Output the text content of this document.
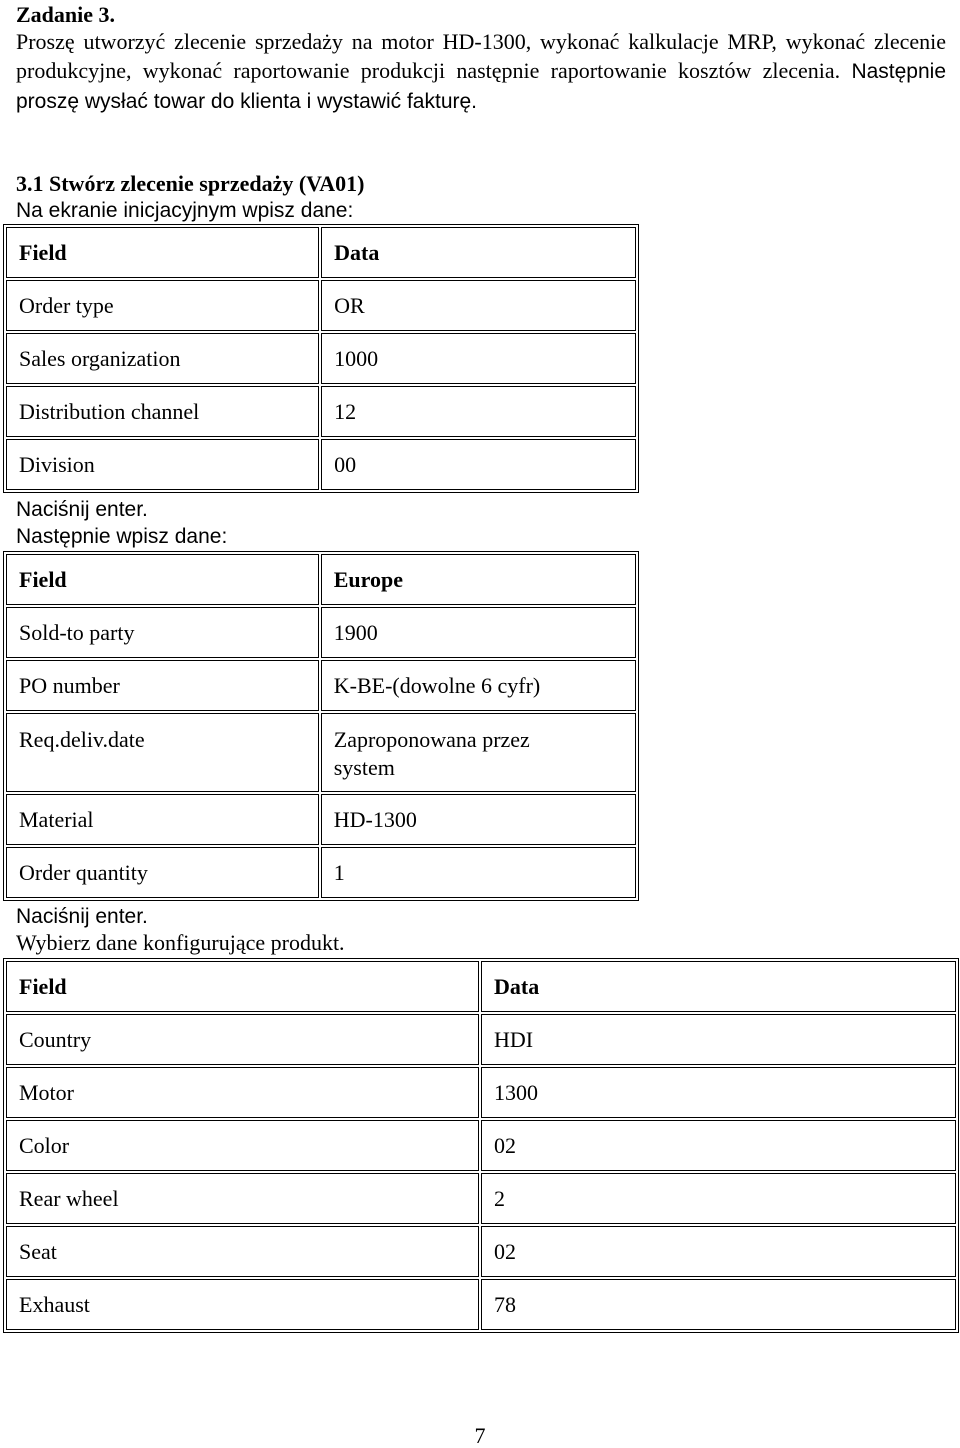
Zadanie 3.
Proszę utworzyć zlecenie sprzedaży na motor HD-1300, wykonać kalkulacje MRP, wykonać zlecenie produkcyjne, wykonać raportowanie produkcji następnie raportowanie kosztów zlecenia. Następnie proszę wysłać towar do klienta i wystawić fakturę.
3.1 Stwórz zlecenie sprzedaży (VA01)
Na ekranie inicjacyjnym wpisz dane:
Field	Data
Order type	OR
Sales organization	1000
Distribution channel	12
Division	00
Naciśnij enter.
Następnie wpisz dane:
Field	Europe
Sold-to party	1900
PO number	K-BE-(dowolne 6 cyfr)
Req.deliv.date	Zaproponowana przez system
Material	HD-1300
Order quantity	1
Naciśnij enter.
Wybierz dane konfigurujące produkt.
Field	Data
Country	HDI
Motor	1300
Color	02
Rear wheel	2
Seat	02
Exhaust	78
7
